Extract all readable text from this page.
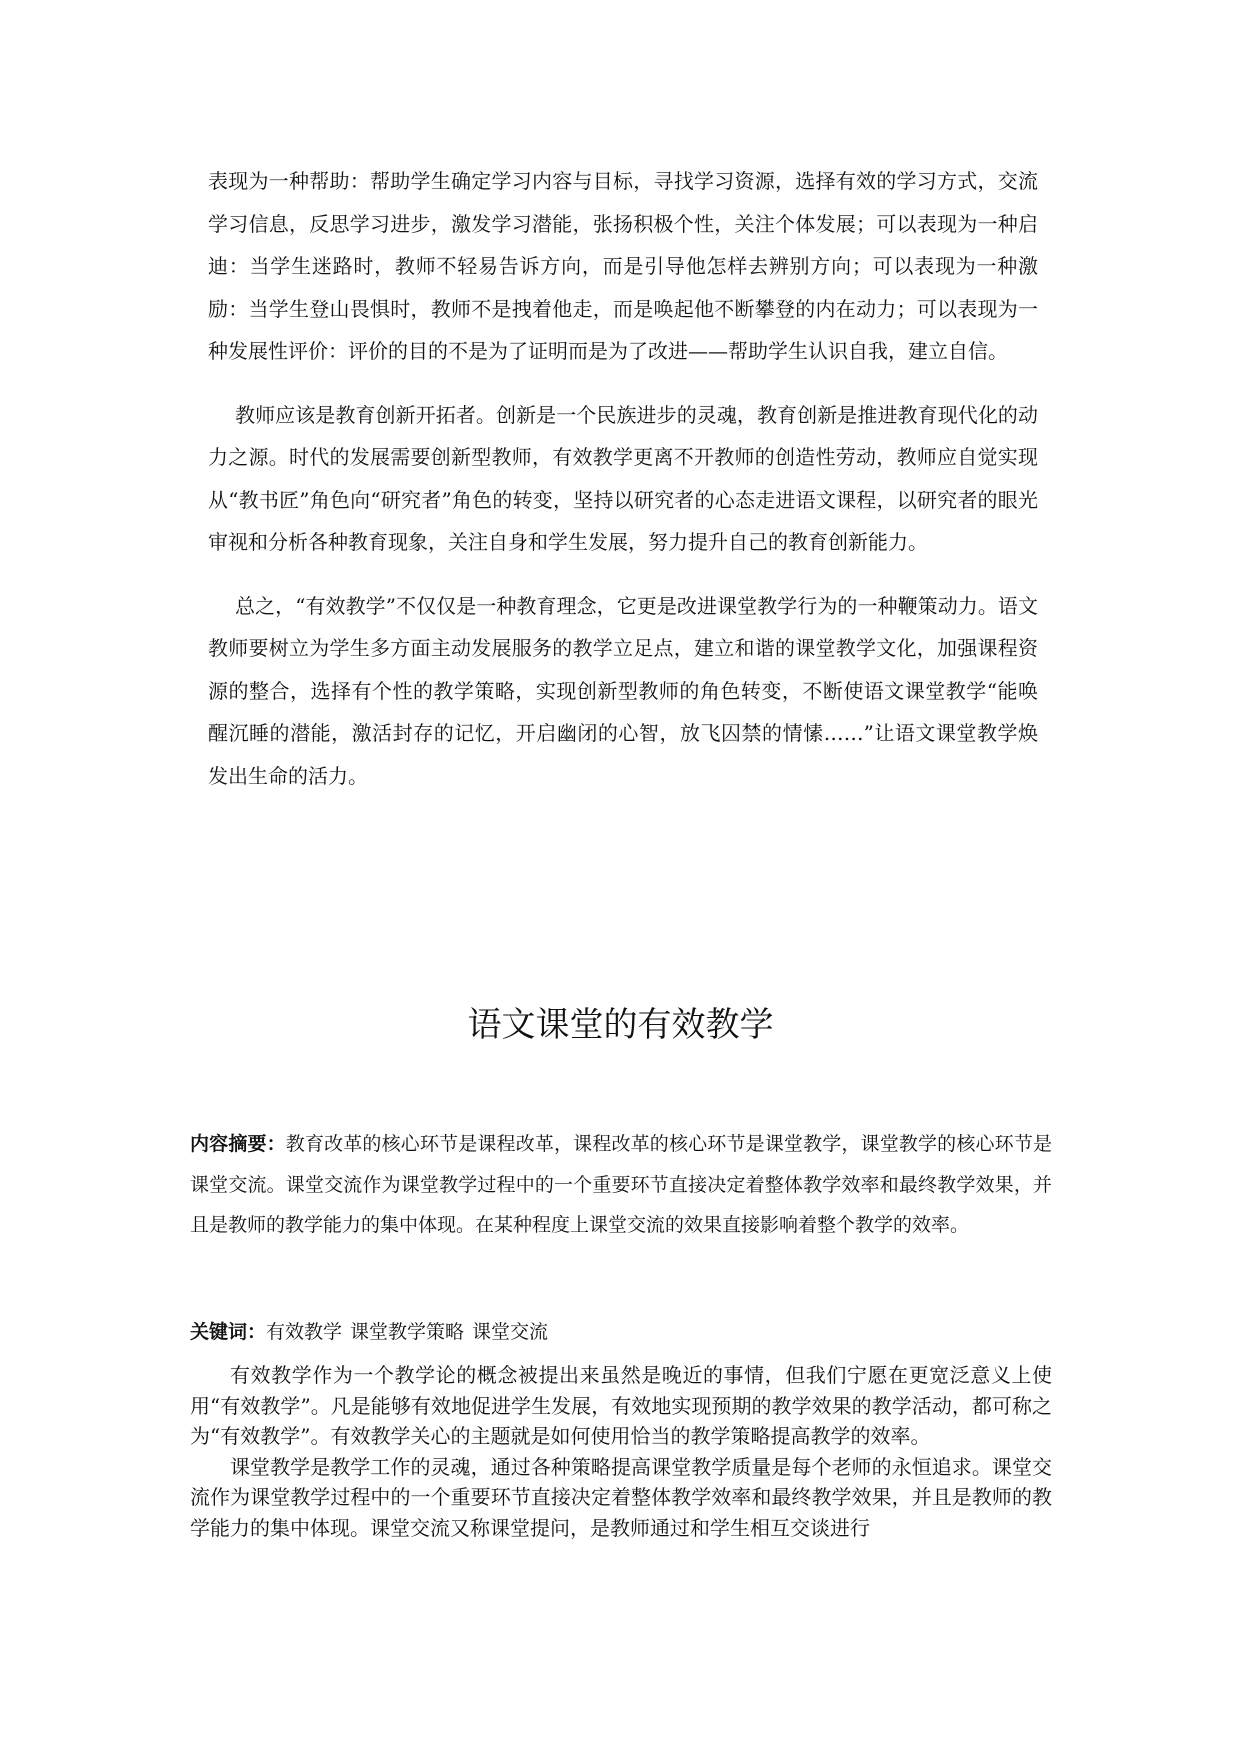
表现为一种帮助：帮助学生确定学习内容与目标，寻找学习资源，选择有效的学习方式，交流学习信息，反思学习进步，激发学习潜能，张扬积极个性，关注个体发展；可以表现为一种启迪：当学生迷路时，教师不轻易告诉方向，而是引导他怎样去辨别方向；可以表现为一种激励：当学生登山畏惧时，教师不是拽着他走，而是唤起他不断攀登的内在动力；可以表现为一种发展性评价：评价的目的不是为了证明而是为了改进——帮助学生认识自我，建立自信。

教师应该是教育创新开拓者。创新是一个民族进步的灵魂，教育创新是推进教育现代化的动力之源。时代的发展需要创新型教师，有效教学更离不开教师的创造性劳动，教师应自觉实现从“教书匠”角色向“研究者”角色的转变，坚持以研究者的心态走进语文课程，以研究者的眼光审视和分析各种教育现象，关注自身和学生发展，努力提升自己的教育创新能力。

总之，“有效教学”不仅仅是一种教育理念，它更是改进课堂教学行为的一种鞭策动力。语文教师要树立为学生多方面主动发展服务的教学立足点，建立和谐的课堂教学文化，加强课程资源的整合，选择有个性的教学策略，实现创新型教师的角色转变，不断使语文课堂教学“能唤醒沉睡的潜能，激活封存的记忆，开启幽闭的心智，放飞囚禁的情愫……”让语文课堂教学焕发出生命的活力。

语文课堂的有效教学

内容摘要：教育改革的核心环节是课程改革，课程改革的核心环节是课堂教学，课堂教学的核心环节是课堂交流。课堂交流作为课堂教学过程中的一个重要环节直接决定着整体教学效率和最终教学效果，并且是教师的教学能力的集中体现。在某种程度上课堂交流的效果直接影响着整个教学的效率。

关键词：有效教学 课堂教学策略 课堂交流

有效教学作为一个教学论的概念被提出来虽然是晚近的事情，但我们宁愿在更宽泛意义上使用“有效教学”。凡是能够有效地促进学生发展，有效地实现预期的教学效果的教学活动，都可称之为“有效教学”。有效教学关心的主题就是如何使用恰当的教学策略提高教学的效率。

课堂教学是教学工作的灵魂，通过各种策略提高课堂教学质量是每个老师的永恒追求。课堂交流作为课堂教学过程中的一个重要环节直接决定着整体教学效率和最终教学效果，并且是教师的教学能力的集中体现。课堂交流又称课堂提问，是教师通过和学生相互交谈进行
